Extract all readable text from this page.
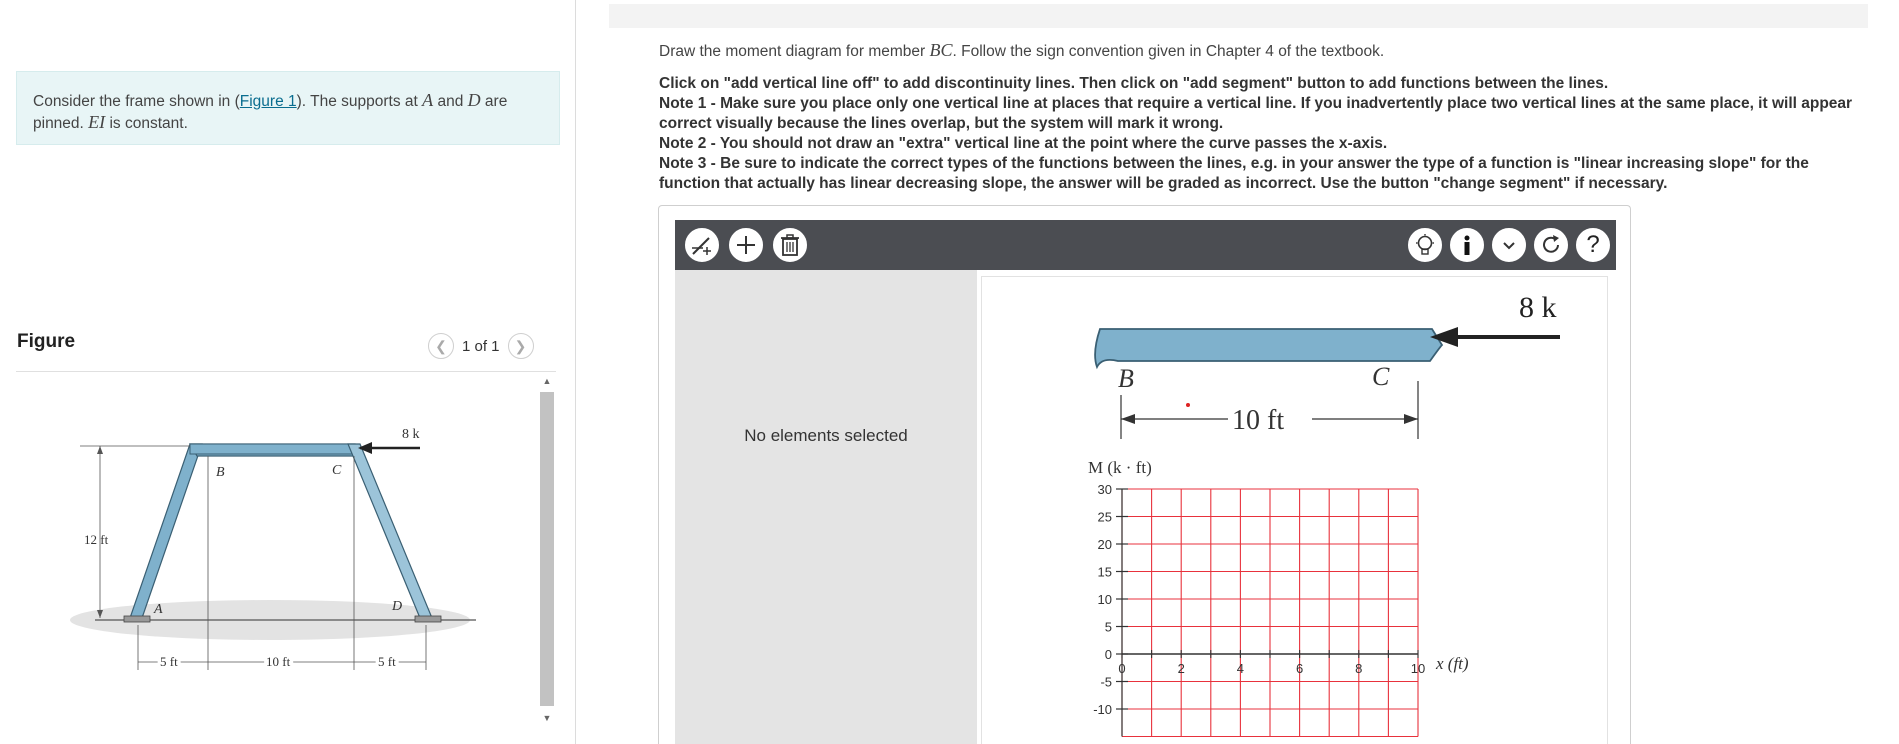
Consider the frame shown in (Figure 1). The supports at A and D are pinned. EI is constant.
Figure	❮	1 of 1	❯
▲
▼
12 ft
B	C
A	D
8 k
5 ft	10 ft	5 ft
Draw the moment diagram for member BC. Follow the sign convention given in Chapter 4 of the textbook.
Click on "add vertical line off" to add discontinuity lines. Then click on "add segment" button to add functions between the lines.
Note 1 - Make sure you place only one vertical line at places that require a vertical line. If you inadvertently place two vertical lines at the same place, it will appear correct visually because the lines overlap, but the system will mark it wrong.
Note 2 - You should not draw an "extra" vertical line at the point where the curve passes the x-axis.
Note 3 - Be sure to indicate the correct types of the functions between the lines, e.g. in your answer the type of a function is "linear increasing slope" for the function that actually has linear decreasing slope, the answer will be graded as incorrect. Use the button "change segment" if necessary.
?
No elements selected
8 k
B	C
10 ft
M (k · ft)
x (ft)
30
25
20
15
10
5
0
-5
-10
0	2	4	6	8	10
